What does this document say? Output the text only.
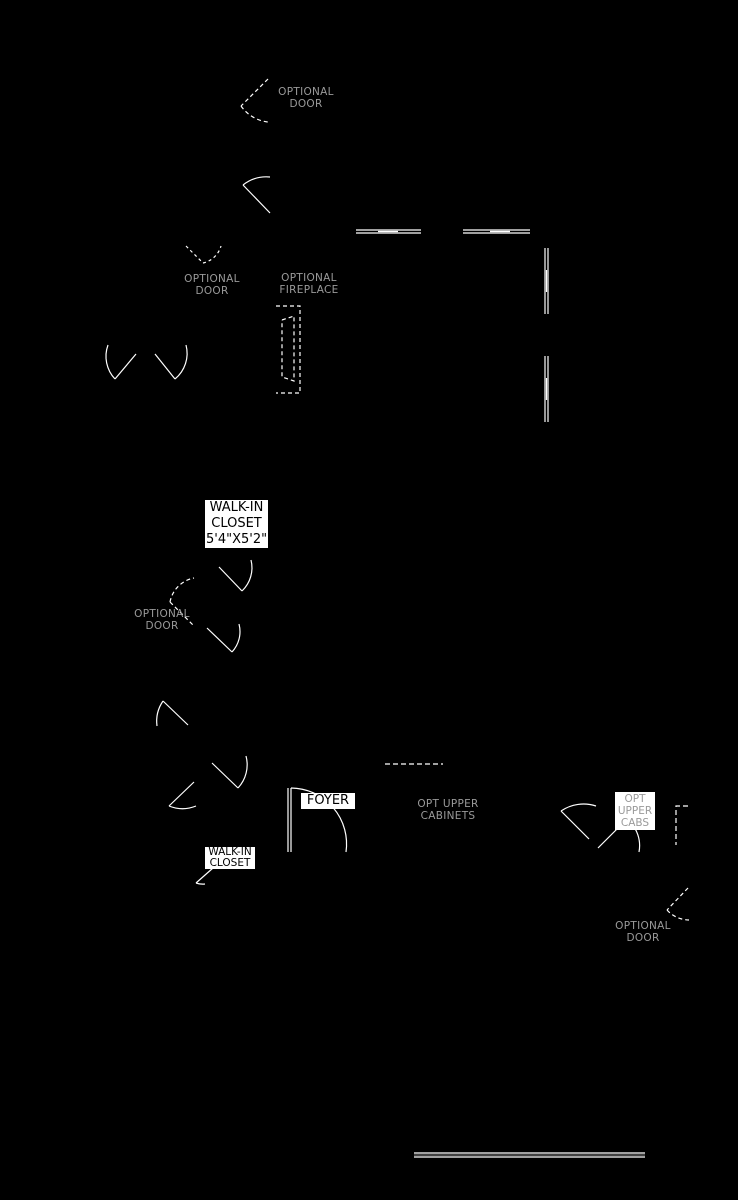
OPTIONAL
DOOR
OPTIONAL
DOOR
OPTIONAL
FIREPLACE
WALK-IN
CLOSET
5'4"X5'2"
OPTIONAL
DOOR
FOYER	OPT UPPER
CABINETS
OPT
UPPER
CABS
WALK-IN
CLOSET
OPTIONAL
DOOR
